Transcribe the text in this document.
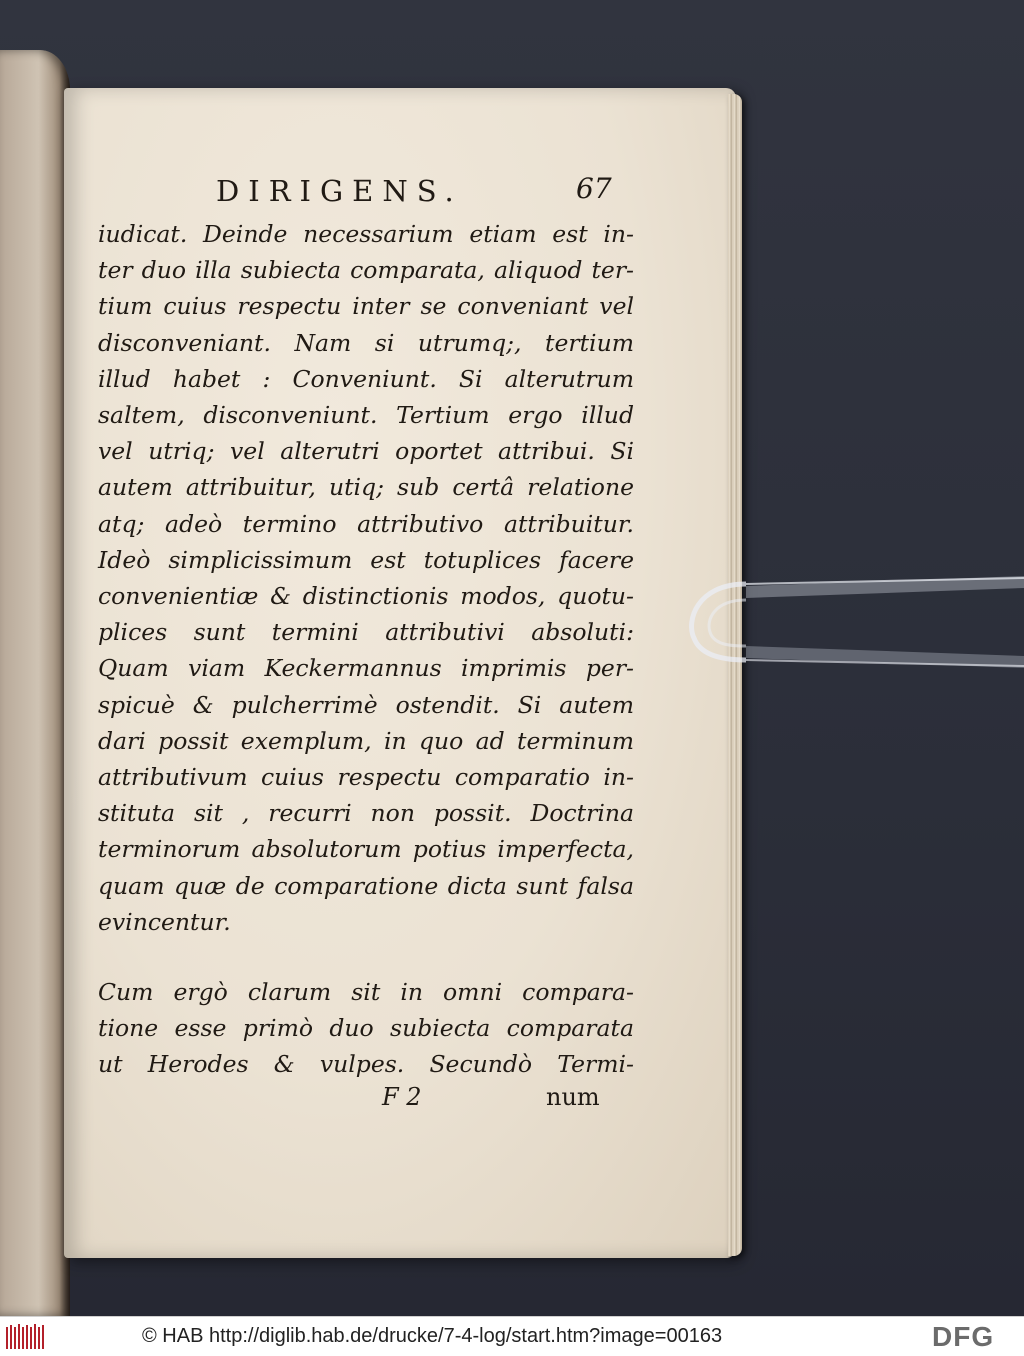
DIRIGENS.	67
iudicat. Deinde necessarium etiam est in-
ter duo illa subiecta comparata, aliquod ter-
tium cuius respectu inter se conveniant vel
disconveniant. Nam si utrumq;, tertium
illud habet : Conveniunt. Si alterutrum
saltem, disconveniunt. Tertium ergo illud
vel utriq; vel alterutri oportet attribui. Si
autem attribuitur, utiq; sub certâ relatione
atq; adeò termino attributivo attribuitur.
Ideò simplicissimum est totuplices facere
convenientiæ & distinctionis modos, quotu-
plices sunt termini attributivi absoluti:
Quam viam Keckermannus imprimis per-
spicuè & pulcherrimè ostendit. Si autem
dari possit exemplum, in quo ad terminum
attributivum cuius respectu comparatio in-
stituta sit , recurri non possit. Doctrina
terminorum absolutorum potius imperfecta,
quam quæ de comparatione dicta sunt falsa
evincentur.
Cum ergò clarum sit in omni compara-
tione esse primò duo subiecta comparata
ut Herodes & vulpes. Secundò Termi-
F 2	num
© HAB http://diglib.hab.de/drucke/7-4-log/start.htm?image=00163	DFG
